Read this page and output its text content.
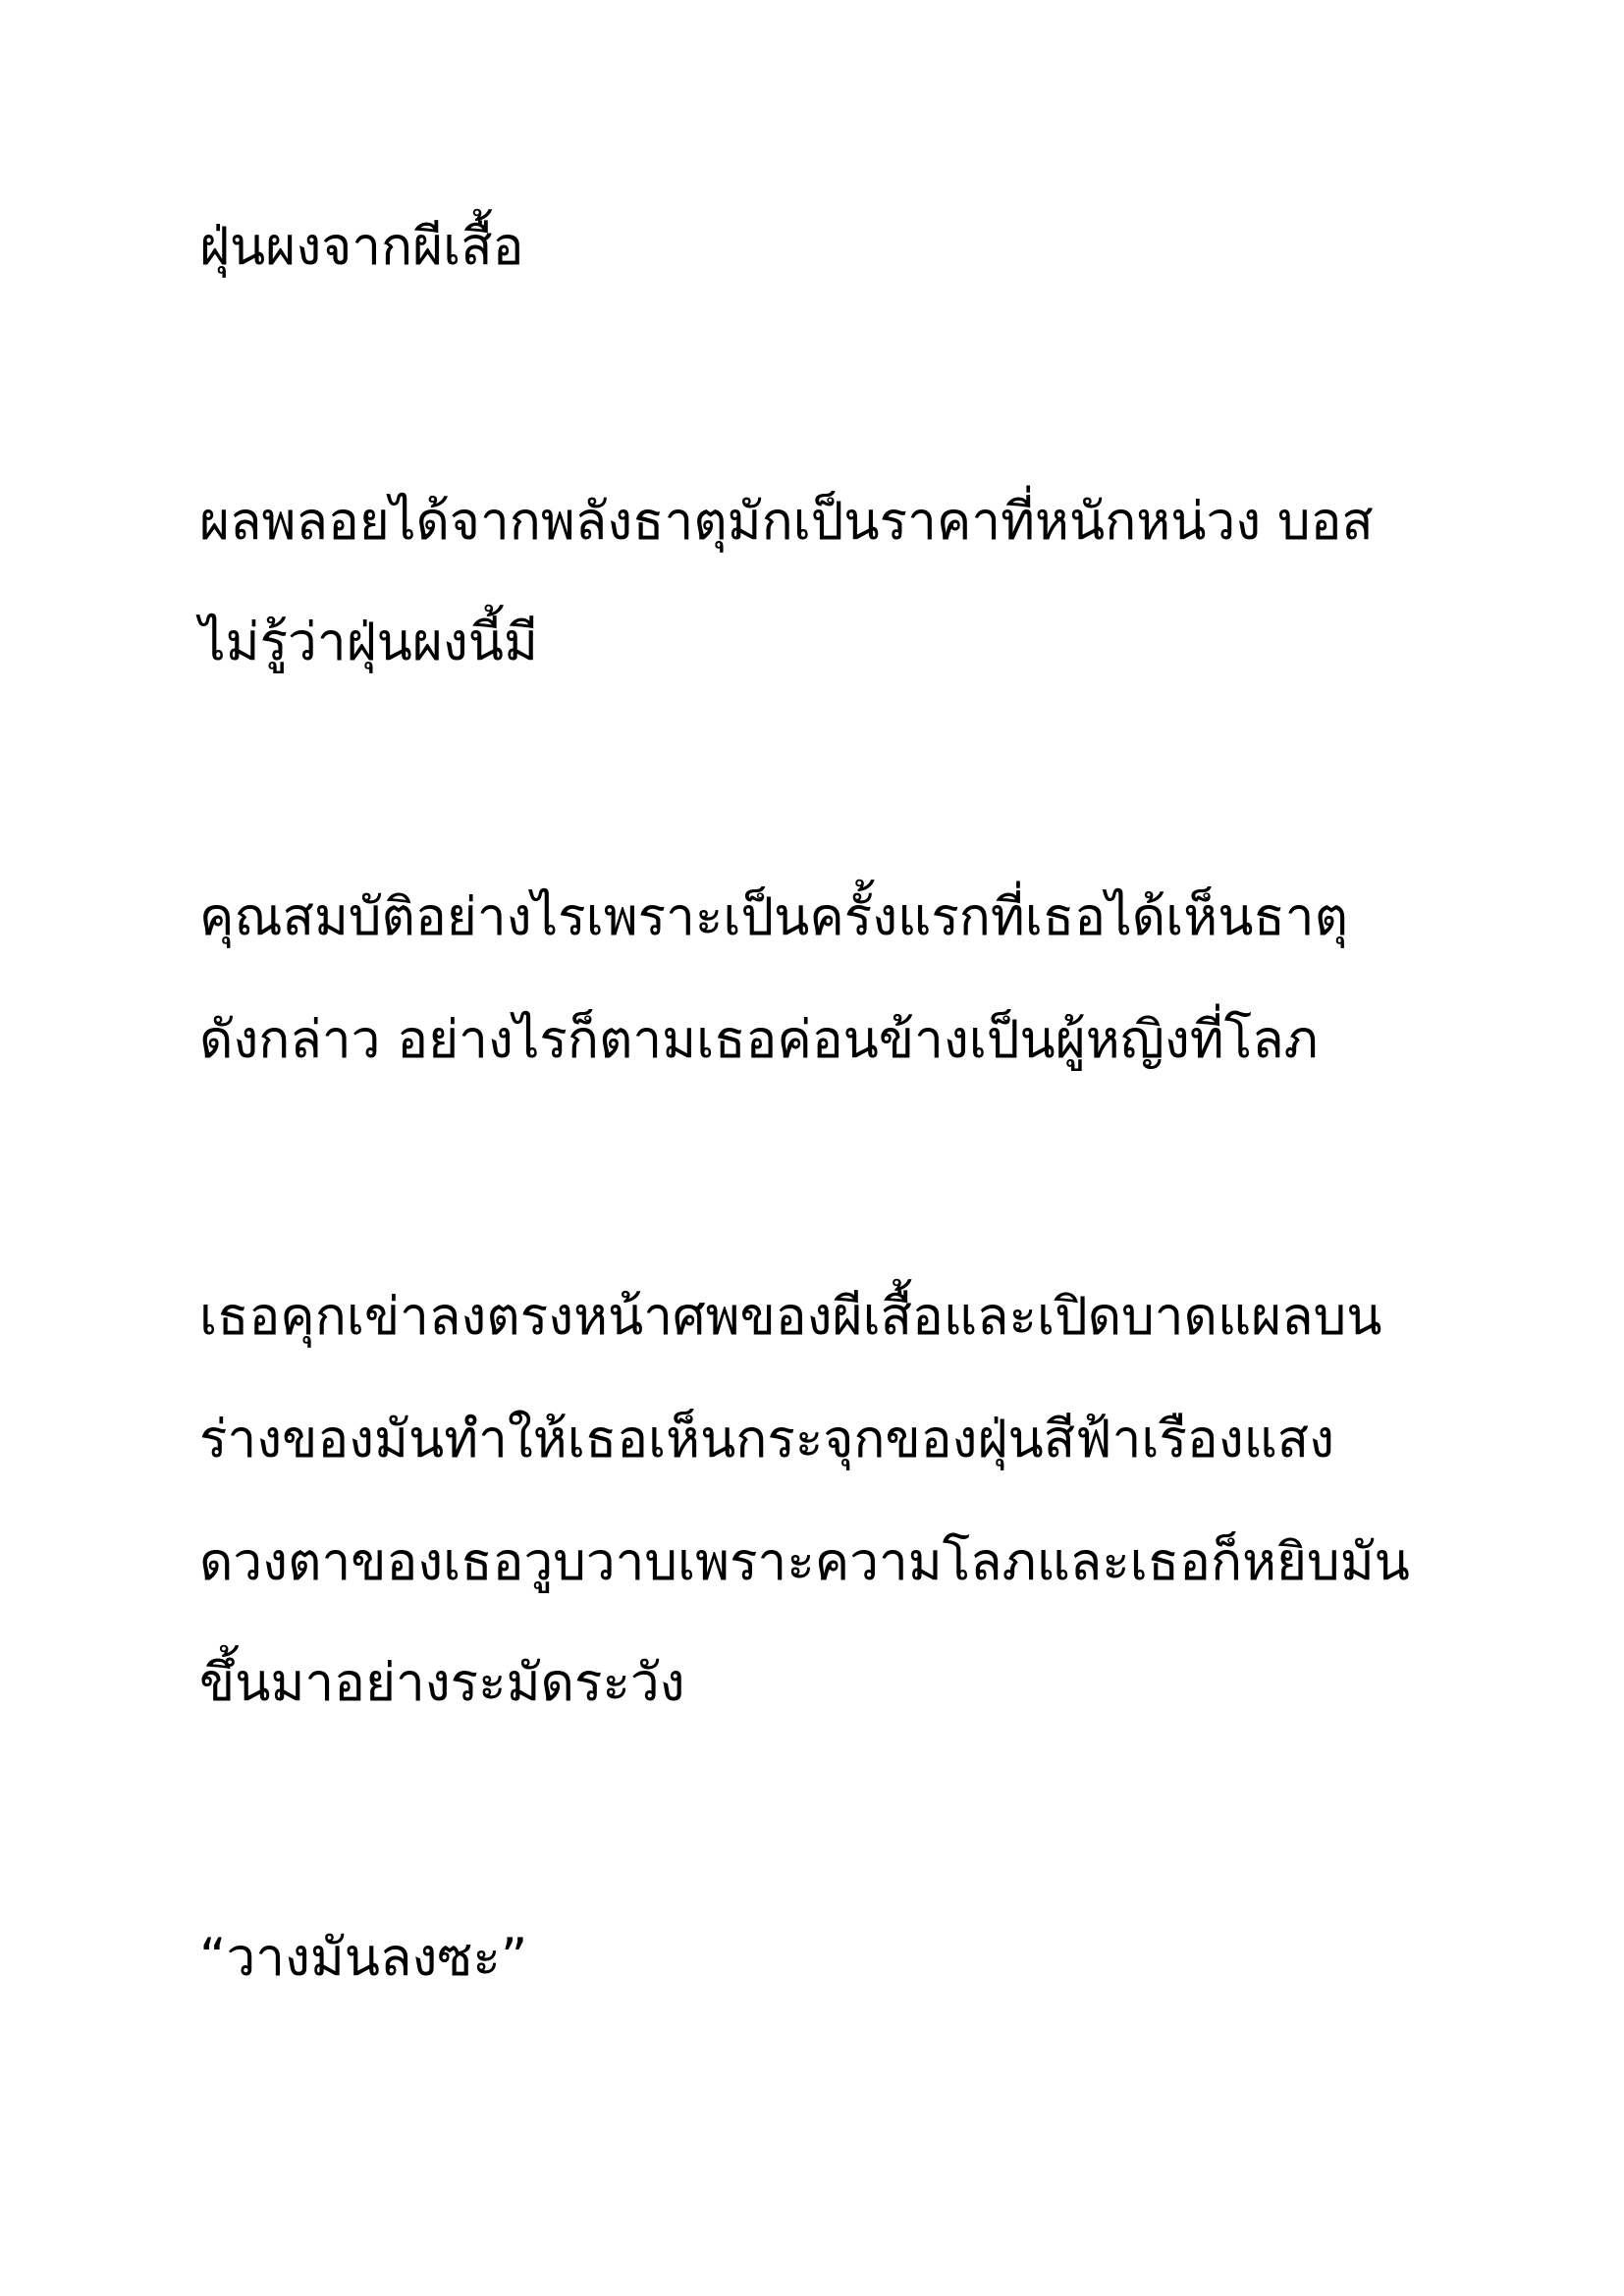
ฝุ่นผงจากผีเสื้อ
ผลพลอยได้จากพลังธาตุมักเป็นราคาที่หนักหน่วง บอส
ไม่รู้ว่าฝุ่นผงนี้มี
คุณสมบัติอย่างไรเพราะเป็นครั้งแรกที่เธอได้เห็นธาตุ
ดังกล่าว อย่างไรก็ตามเธอค่อนข้างเป็นผู้หญิงที่โลภ
เธอคุกเข่าลงตรงหน้าศพของผีเสื้อและเปิดบาดแผลบน
ร่างของมันทำให้เธอเห็นกระจุกของฝุ่นสีฟ้าเรืองแสง
ดวงตาของเธอวูบวาบเพราะความโลภและเธอก็หยิบมัน
ขึ้นมาอย่างระมัดระวัง
“วางมันลงซะ”
